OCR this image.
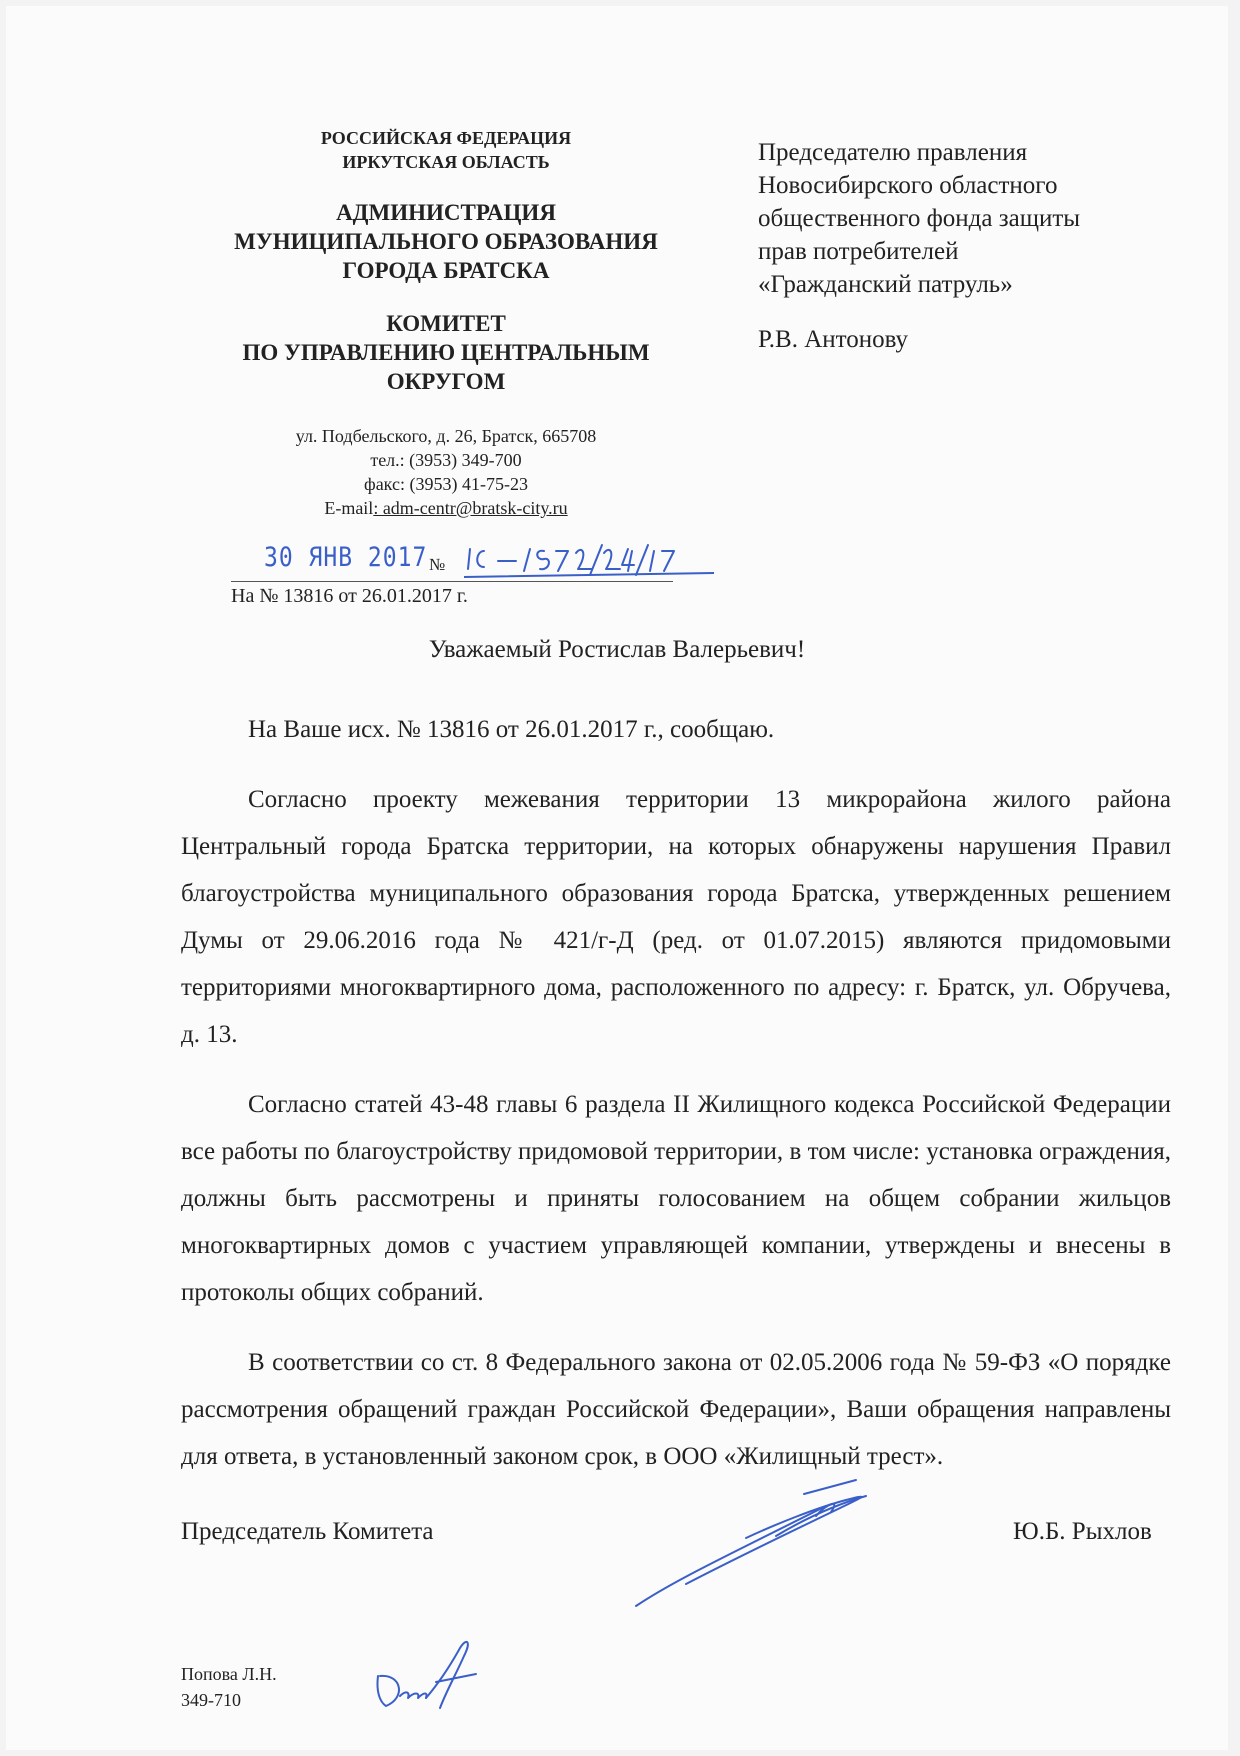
РОССИЙСКАЯ ФЕДЕРАЦИЯ
ИРКУТСКАЯ ОБЛАСТЬ
АДМИНИСТРАЦИЯ
МУНИЦИПАЛЬНОГО ОБРАЗОВАНИЯ
ГОРОДА БРАТСКА
КОМИТЕТ
ПО УПРАВЛЕНИЮ ЦЕНТРАЛЬНЫМ
ОКРУГОМ
ул. Подбельского, д. 26, Братск, 665708
тел.: (3953) 349-700
факс: (3953) 41-75-23
E-mail: adm-centr@bratsk-city.ru
Председателю правления
Новосибирского областного
общественного фонда защиты
прав потребителей
«Гражданский патруль»
Р.В. Антонову
30 ЯНВ 2017 №
На № 13816 от 26.01.2017 г.
Уважаемый Ростислав Валерьевич!

На Ваше исх. № 13816 от 26.01.2017 г., сообщаю.

Согласно проекту межевания территории 13 микрорайона жилого района Центральный города Братска территории, на которых обнаружены нарушения Правил благоустройства муниципального образования города Братска, утвержденных решением Думы от 29.06.2016 года № 421/г-Д (ред. от 01.07.2015) являются придомовыми территориями многоквартирного дома, расположенного по адресу: г. Братск, ул. Обручева, д. 13.

Согласно статей 43-48 главы 6 раздела II Жилищного кодекса Российской Федерации все работы по благоустройству придомовой территории, в том числе: установка ограждения, должны быть рассмотрены и приняты голосованием на общем собрании жильцов многоквартирных домов с участием управляющей компании, утверждены и внесены в протоколы общих собраний.

В соответствии со ст. 8 Федерального закона от 02.05.2006 года № 59-ФЗ «О порядке рассмотрения обращений граждан Российской Федерации», Ваши обращения направлены для ответа, в установленный законом срок, в ООО «Жилищный трест».

Председатель Комитета	Ю.Б. Рыхлов
Попова Л.Н.
349-710
